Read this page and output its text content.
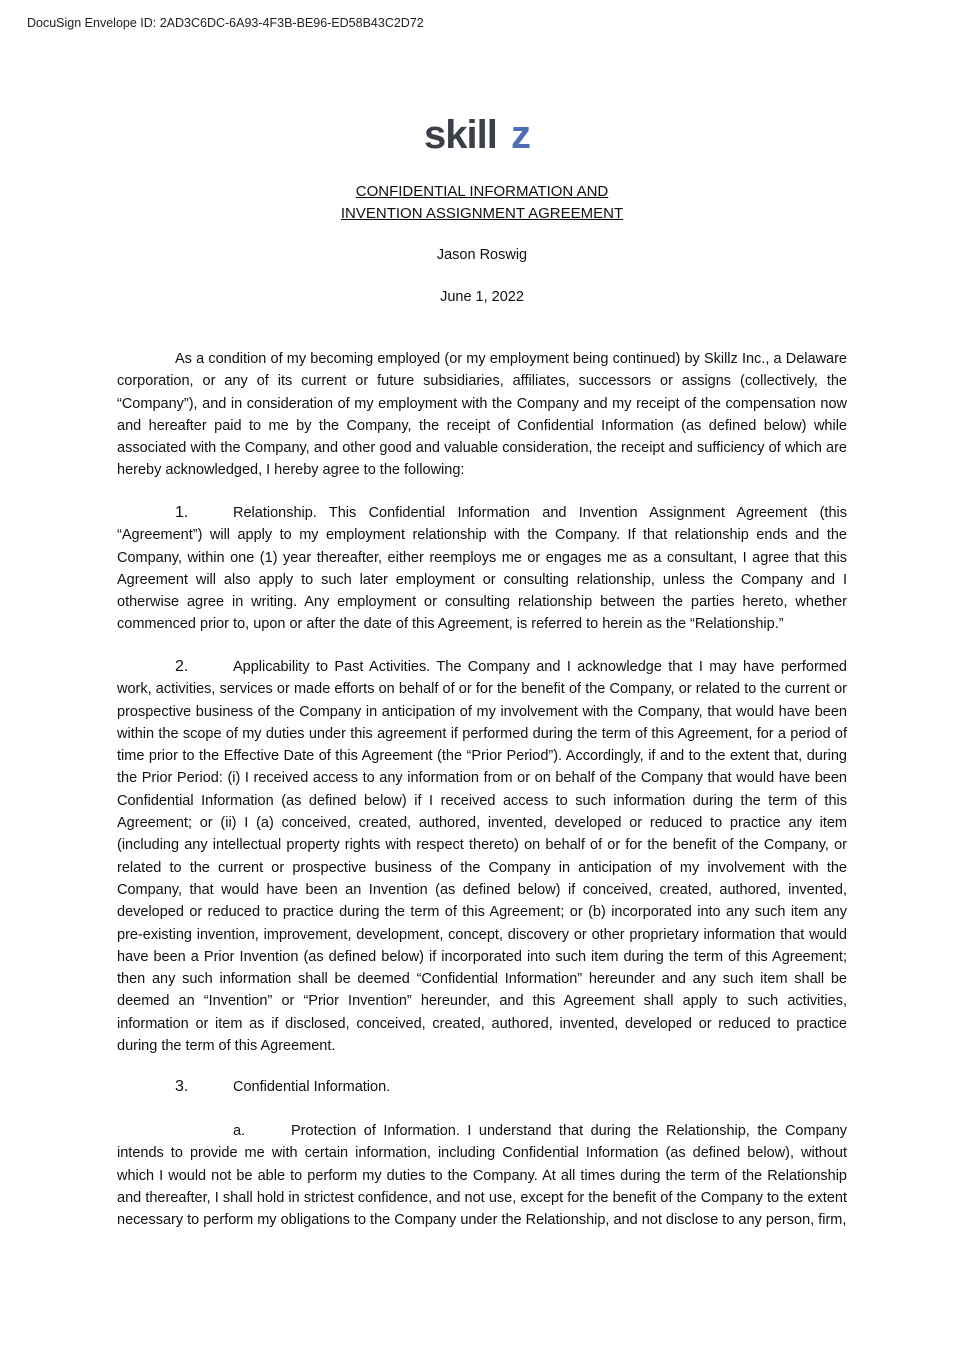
DocuSign Envelope ID: 2AD3C6DC-6A93-4F3B-BE96-ED58B43C2D72
skill z
CONFIDENTIAL INFORMATION AND
INVENTION ASSIGNMENT AGREEMENT
Jason Roswig
June 1, 2022

As a condition of my becoming employed (or my employment being continued) by Skillz Inc., a Delaware corporation, or any of its current or future subsidiaries, affiliates, successors or assigns (collectively, the “Company”), and in consideration of my employment with the Company and my receipt of the compensation now and hereafter paid to me by the Company, the receipt of Confidential Information (as defined below) while associated with the Company, and other good and valuable consideration, the receipt and sufficiency of which are hereby acknowledged, I hereby agree to the following:

1.	Relationship. This Confidential Information and Invention Assignment Agreement (this “Agreement”) will apply to my employment relationship with the Company. If that relationship ends and the Company, within one (1) year thereafter, either reemploys me or engages me as a consultant, I agree that this Agreement will also apply to such later employment or consulting relationship, unless the Company and I otherwise agree in writing. Any employment or consulting relationship between the parties hereto, whether commenced prior to, upon or after the date of this Agreement, is referred to herein as the “Relationship.”

2.	Applicability to Past Activities. The Company and I acknowledge that I may have performed work, activities, services or made efforts on behalf of or for the benefit of the Company, or related to the current or prospective business of the Company in anticipation of my involvement with the Company, that would have been within the scope of my duties under this agreement if performed during the term of this Agreement, for a period of time prior to the Effective Date of this Agreement (the “Prior Period”). Accordingly, if and to the extent that, during the Prior Period: (i) I received access to any information from or on behalf of the Company that would have been Confidential Information (as defined below) if I received access to such information during the term of this Agreement; or (ii) I (a) conceived, created, authored, invented, developed or reduced to practice any item (including any intellectual property rights with respect thereto) on behalf of or for the benefit of the Company, or related to the current or prospective business of the Company in anticipation of my involvement with the Company, that would have been an Invention (as defined below) if conceived, created, authored, invented, developed or reduced to practice during the term of this Agreement; or (b) incorporated into any such item any pre-existing invention, improvement, development, concept, discovery or other proprietary information that would have been a Prior Invention (as defined below) if incorporated into such item during the term of this Agreement; then any such information shall be deemed “Confidential Information” hereunder and any such item shall be deemed an “Invention” or “Prior Invention” hereunder, and this Agreement shall apply to such activities, information or item as if disclosed, conceived, created, authored, invented, developed or reduced to practice during the term of this Agreement.

3.	Confidential Information.

a.	Protection of Information. I understand that during the Relationship, the Company intends to provide me with certain information, including Confidential Information (as defined below), without which I would not be able to perform my duties to the Company. At all times during the term of the Relationship and thereafter, I shall hold in strictest confidence, and not use, except for the benefit of the Company to the extent necessary to perform my obligations to the Company under the Relationship, and not disclose to any person, firm,
